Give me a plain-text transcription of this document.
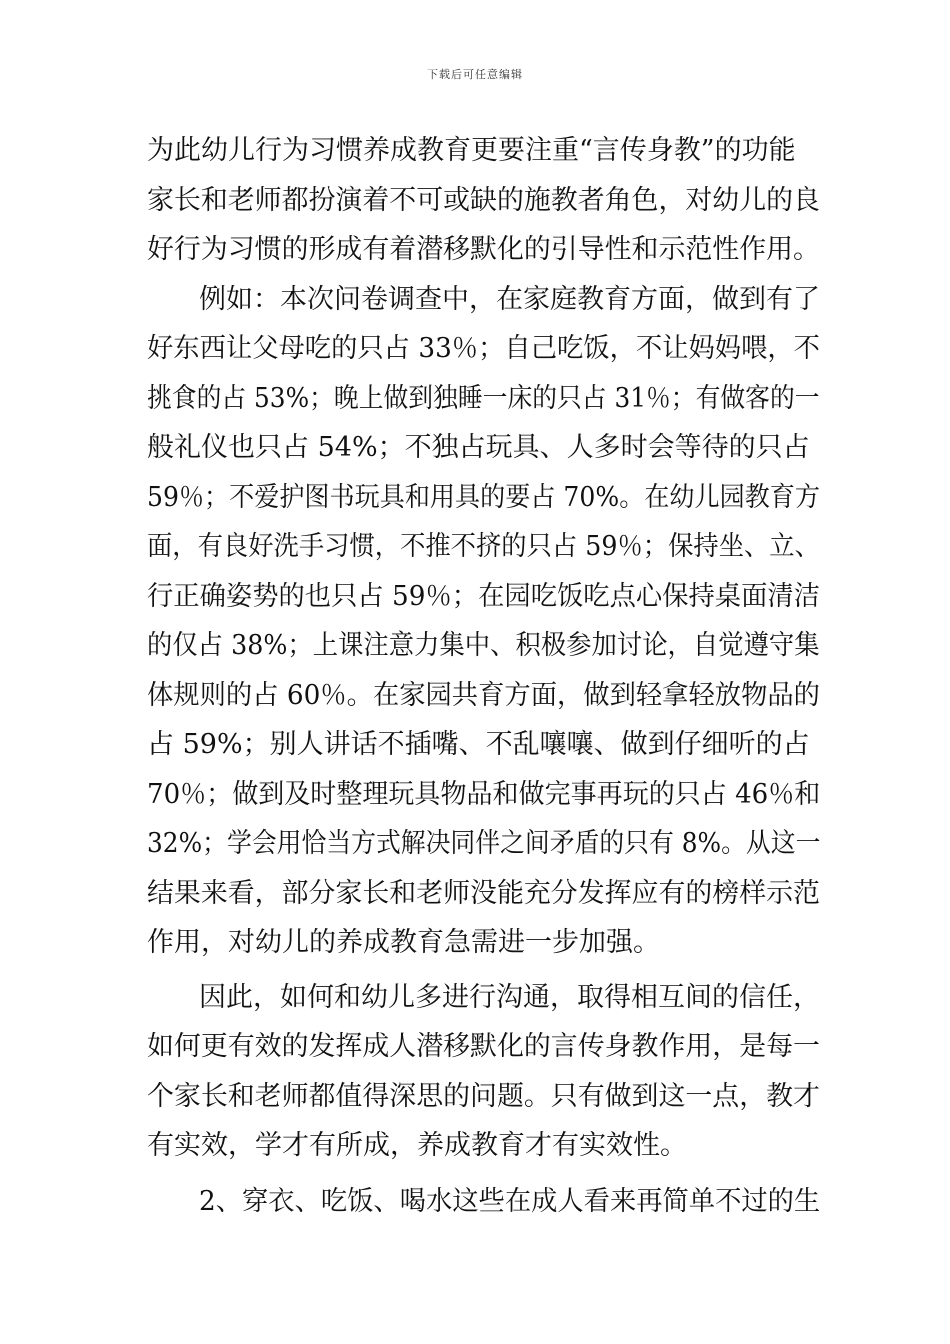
下载后可任意编辑
为此幼儿行为习惯养成教育更要注重“言传身教”的功能
家长和老师都扮演着不可或缺的施教者角色，对幼儿的良
好行为习惯的形成有着潜移默化的引导性和示范性作用。
例如：本次问卷调查中，在家庭教育方面，做到有了
好东西让父母吃的只占 33％；自己吃饭，不让妈妈喂，不
挑食的占 53%；晚上做到独睡一床的只占 31％；有做客的一
般礼仪也只占 54%；不独占玩具、人多时会等待的只占
59％；不爱护图书玩具和用具的要占 70%。在幼儿园教育方
面，有良好洗手习惯，不推不挤的只占 59％；保持坐、立、
行正确姿势的也只占 59％；在园吃饭吃点心保持桌面清洁
的仅占 38%；上课注意力集中、积极参加讨论，自觉遵守集
体规则的占 60％。在家园共育方面，做到轻拿轻放物品的
占 59%；别人讲话不插嘴、不乱嚷嚷、做到仔细听的占
70％；做到及时整理玩具物品和做完事再玩的只占 46％和
32%；学会用恰当方式解决同伴之间矛盾的只有 8%。从这一
结果来看，部分家长和老师没能充分发挥应有的榜样示范
作用，对幼儿的养成教育急需进一步加强。
因此，如何和幼儿多进行沟通，取得相互间的信任，
如何更有效的发挥成人潜移默化的言传身教作用，是每一
个家长和老师都值得深思的问题。只有做到这一点，教才
有实效，学才有所成，养成教育才有实效性。
2、穿衣、吃饭、喝水这些在成人看来再简单不过的生
